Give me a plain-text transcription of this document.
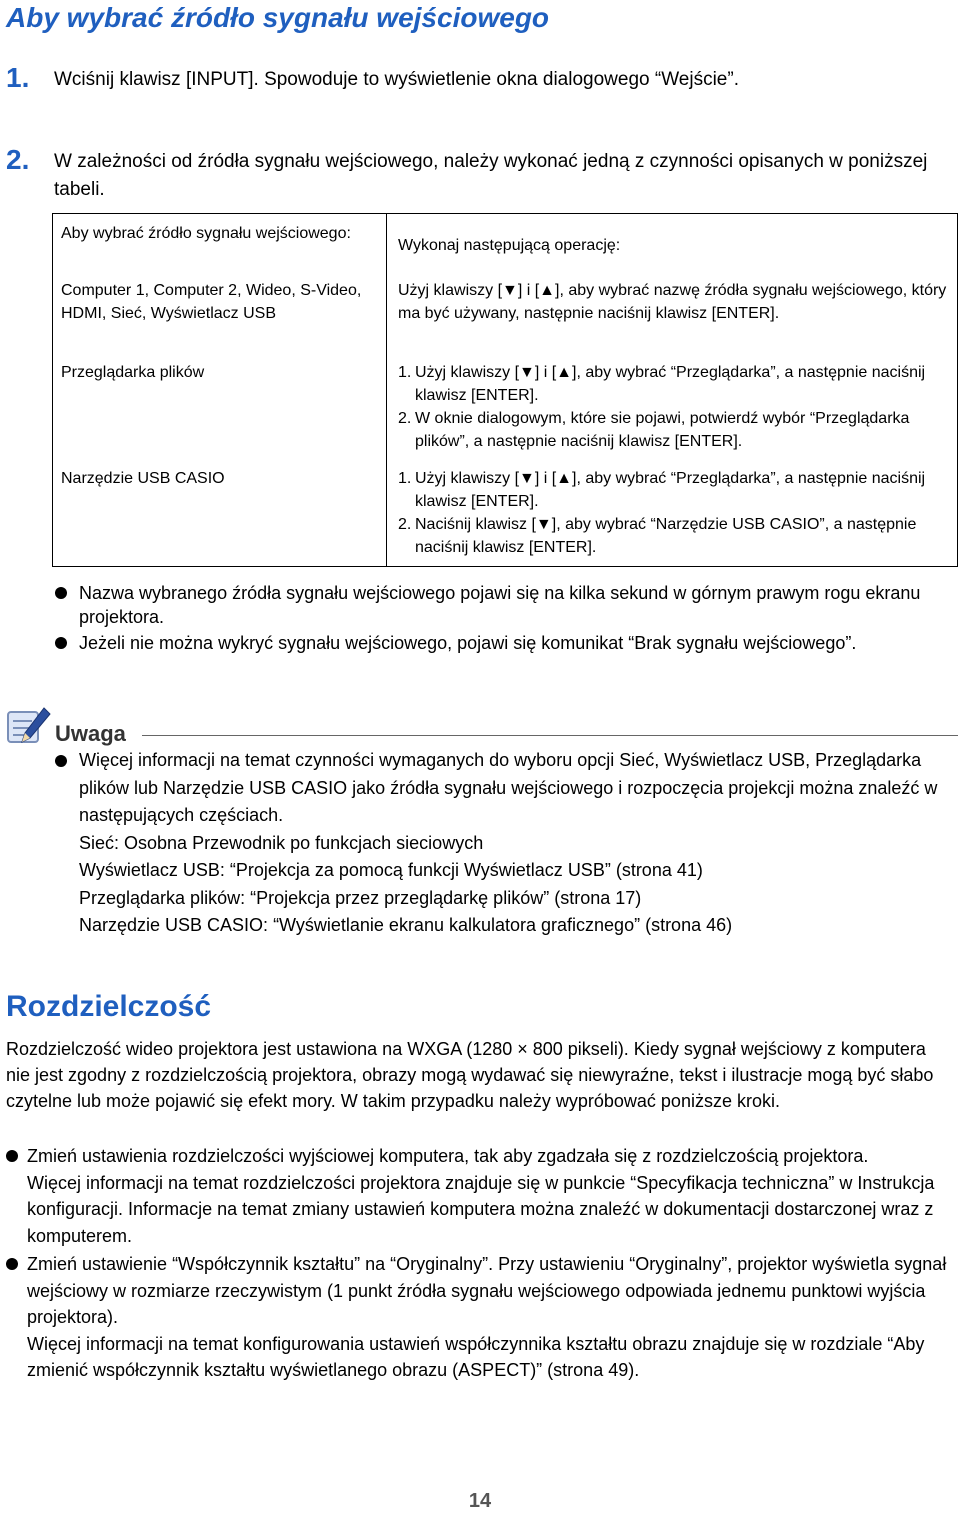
Aby wybrać źródło sygnału wejściowego
1. Wciśnij klawisz [INPUT]. Spowoduje to wyświetlenie okna dialogowego “Wejście”.
2. W zależności od źródła sygnału wejściowego, należy wykonać jedną z czynności opisanych w poniższej tabeli.
Aby wybrać źródło sygnału wejściowego:
Wykonaj następującą operację:
Computer 1, Computer 2, Wideo, S-Video, HDMI, Sieć, Wyświetlacz USB
Użyj klawiszy [▼] i [▲], aby wybrać nazwę źródła sygnału wejściowego, który ma być używany, następnie naciśnij klawisz [ENTER].
Przeglądarka plików	1. Użyj klawiszy [▼] i [▲], aby wybrać “Przeglądarka”, a następnie naciśnij klawisz [ENTER].
2. W oknie dialogowym, które sie pojawi, potwierdź wybór “Przeglądarka plików”, a następnie naciśnij klawisz [ENTER].
Narzędzie USB CASIO	1. Użyj klawiszy [▼] i [▲], aby wybrać “Przeglądarka”, a następnie naciśnij klawisz [ENTER].
2. Naciśnij klawisz [▼], aby wybrać “Narzędzie USB CASIO”, a następnie naciśnij klawisz [ENTER].
Nazwa wybranego źródła sygnału wejściowego pojawi się na kilka sekund w górnym prawym rogu ekranu projektora.
Jeżeli nie można wykryć sygnału wejściowego, pojawi się komunikat “Brak sygnału wejściowego”.
Uwaga
Więcej informacji na temat czynności wymaganych do wyboru opcji Sieć, Wyświetlacz USB, Przeglądarka plików lub Narzędzie USB CASIO jako źródła sygnału wejściowego i rozpoczęcia projekcji można znaleźć w następujących częściach.
Sieć: Osobna Przewodnik po funkcjach sieciowych
Wyświetlacz USB: “Projekcja za pomocą funkcji Wyświetlacz USB” (strona 41)
Przeglądarka plików: “Projekcja przez przeglądarkę plików” (strona 17)
Narzędzie USB CASIO: “Wyświetlanie ekranu kalkulatora graficznego” (strona 46)
Rozdzielczość
Rozdzielczość wideo projektora jest ustawiona na WXGA (1280 × 800 pikseli). Kiedy sygnał wejściowy z komputera nie jest zgodny z rozdzielczością projektora, obrazy mogą wydawać się niewyraźne, tekst i ilustracje mogą być słabo czytelne lub może pojawić się efekt mory. W takim przypadku należy wypróbować poniższe kroki.
Zmień ustawienia rozdzielczości wyjściowej komputera, tak aby zgadzała się z rozdzielczością projektora.
Więcej informacji na temat rozdzielczości projektora znajduje się w punkcie “Specyfikacja techniczna” w Instrukcja konfiguracji. Informacje na temat zmiany ustawień komputera można znaleźć w dokumentacji dostarczonej wraz z komputerem.
Zmień ustawienie “Współczynnik kształtu” na “Oryginalny”. Przy ustawieniu “Oryginalny”, projektor wyświetla sygnał wejściowy w rozmiarze rzeczywistym (1 punkt źródła sygnału wejściowego odpowiada jednemu punktowi wyjścia projektora).
Więcej informacji na temat konfigurowania ustawień współczynnika kształtu obrazu znajduje się w rozdziale “Aby zmienić współczynnik kształtu wyświetlanego obrazu (ASPECT)” (strona 49).
14
